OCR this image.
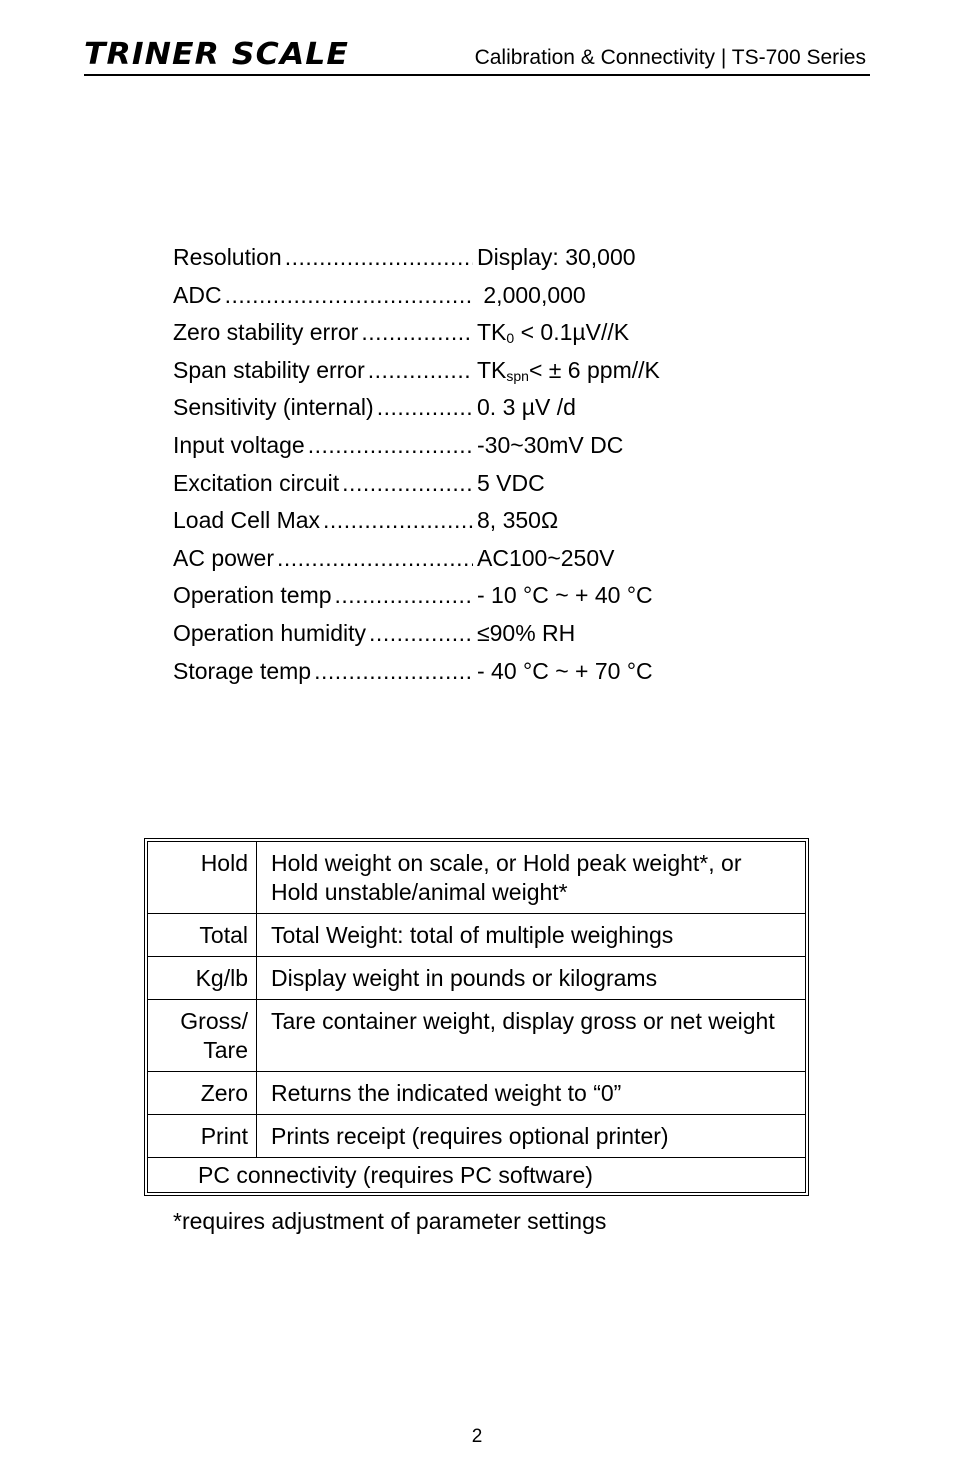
TRINER SCALE	Calibration & Connectivity | TS-700 Series
Resolution .....	Display: 30,000
ADC .....	2,000,000
Zero stability error .....	$TK_0 < 0.1\mu V//K$
Span stability error .....	$TK_{spn}< \pm 6$ ppm//K
Sensitivity (internal) .....	0. 3 µV /d
Input voltage .....	-30~30mV DC
Excitation circuit .....	5 VDC
Load Cell Max .....	8, 350Ω
AC power .....	AC100~250V
Operation temp .....	- 10 °C ~ + 40 °C
Operation humidity .....	≤90% RH
Storage temp .....	- 40 °C ~ + 70 °C
Hold	Hold weight on scale, or Hold peak weight*, or Hold unstable/animal weight*
Total	Total Weight: total of multiple weighings
Kg/lb	Display weight in pounds or kilograms
Gross/
Tare	Tare container weight, display gross or net weight
Zero	Returns the indicated weight to “0”
Print	Prints receipt (requires optional printer)
PC connectivity (requires PC software)	
*requires adjustment of parameter settings
2
